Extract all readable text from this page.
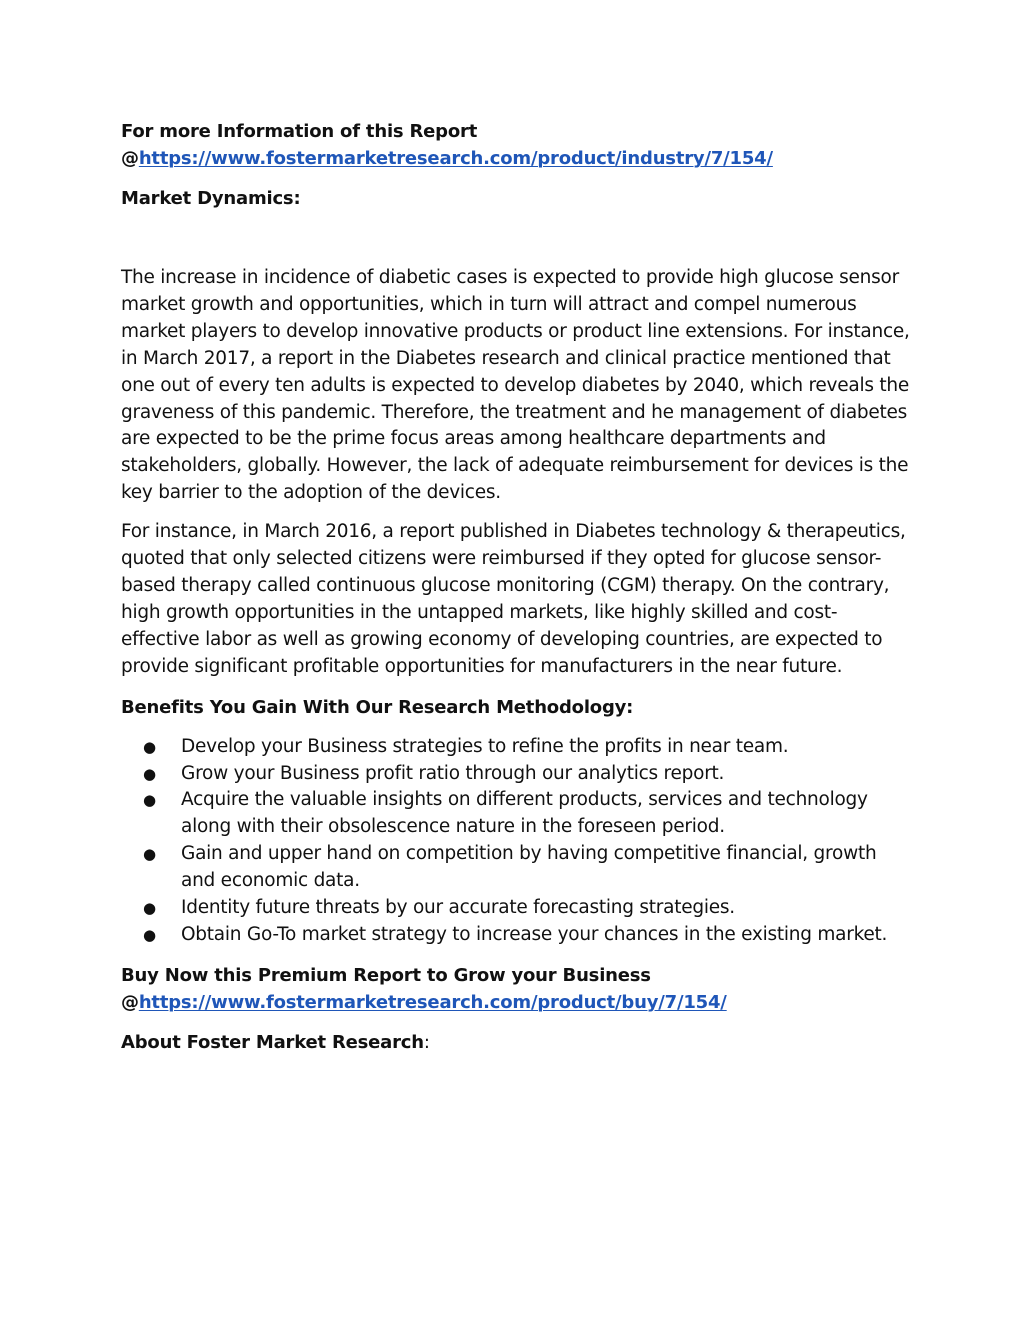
For more Information of this Report
@https://www.fostermarketresearch.com/product/industry/7/154/
Market Dynamics:

The increase in incidence of diabetic cases is expected to provide high glucose sensor market growth and opportunities, which in turn will attract and compel numerous market players to develop innovative products or product line extensions. For instance, in March 2017, a report in the Diabetes research and clinical practice mentioned that one out of every ten adults is expected to develop diabetes by 2040, which reveals the graveness of this pandemic. Therefore, the treatment and he management of diabetes are expected to be the prime focus areas among healthcare departments and stakeholders, globally. However, the lack of adequate reimbursement for devices is the key barrier to the adoption of the devices.

For instance, in March 2016, a report published in Diabetes technology & therapeutics, quoted that only selected citizens were reimbursed if they opted for glucose sensor-based therapy called continuous glucose monitoring (CGM) therapy. On the contrary, high growth opportunities in the untapped markets, like highly skilled and cost-effective labor as well as growing economy of developing countries, are expected to provide significant profitable opportunities for manufacturers in the near future.

Benefits You Gain With Our Research Methodology:
● Develop your Business strategies to refine the profits in near team.
● Grow your Business profit ratio through our analytics report.
● Acquire the valuable insights on different products, services and technology along with their obsolescence nature in the foreseen period.
● Gain and upper hand on competition by having competitive financial, growth and economic data.
● Identity future threats by our accurate forecasting strategies.
● Obtain Go-To market strategy to increase your chances in the existing market.
Buy Now this Premium Report to Grow your Business
@https://www.fostermarketresearch.com/product/buy/7/154/
About Foster Market Research:
